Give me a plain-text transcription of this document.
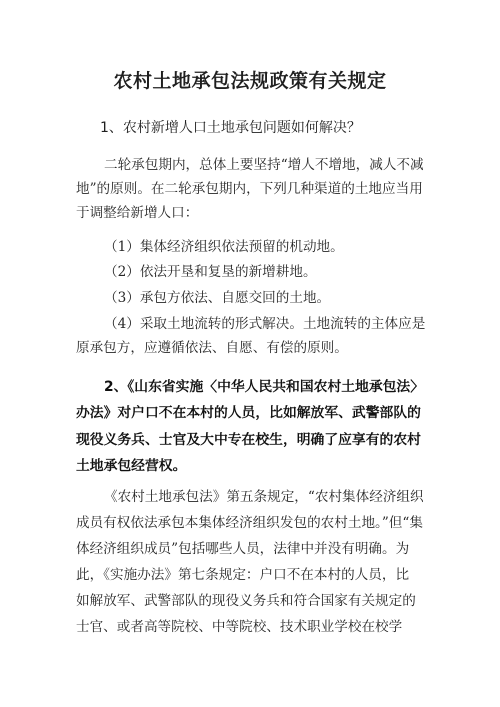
农村土地承包法规政策有关规定
1、农村新增人口土地承包问题如何解决？

二轮承包期内，总体上要坚持“增人不增地，减人不减
地”的原则。在二轮承包期内，下列几种渠道的土地应当用
于调整给新增人口：

（1）集体经济组织依法预留的机动地。

（2）依法开垦和复垦的新增耕地。

（3）承包方依法、自愿交回的土地。

（4）采取土地流转的形式解决。土地流转的主体应是
原承包方，应遵循依法、自愿、有偿的原则。

2、《山东省实施〈中华人民共和国农村土地承包法〉
办法》对户口不在本村的人员，比如解放军、武警部队的
现役义务兵、士官及大中专在校生，明确了应享有的农村
土地承包经营权。

《农村土地承包法》第五条规定，“农村集体经济组织
成员有权依法承包本集体经济组织发包的农村土地。”但“集
体经济组织成员”包括哪些人员，法律中并没有明确。为
此，《实施办法》第七条规定：户口不在本村的人员，比
如解放军、武警部队的现役义务兵和符合国家有关规定的
士官、或者高等院校、中等院校、技术职业学校在校学
